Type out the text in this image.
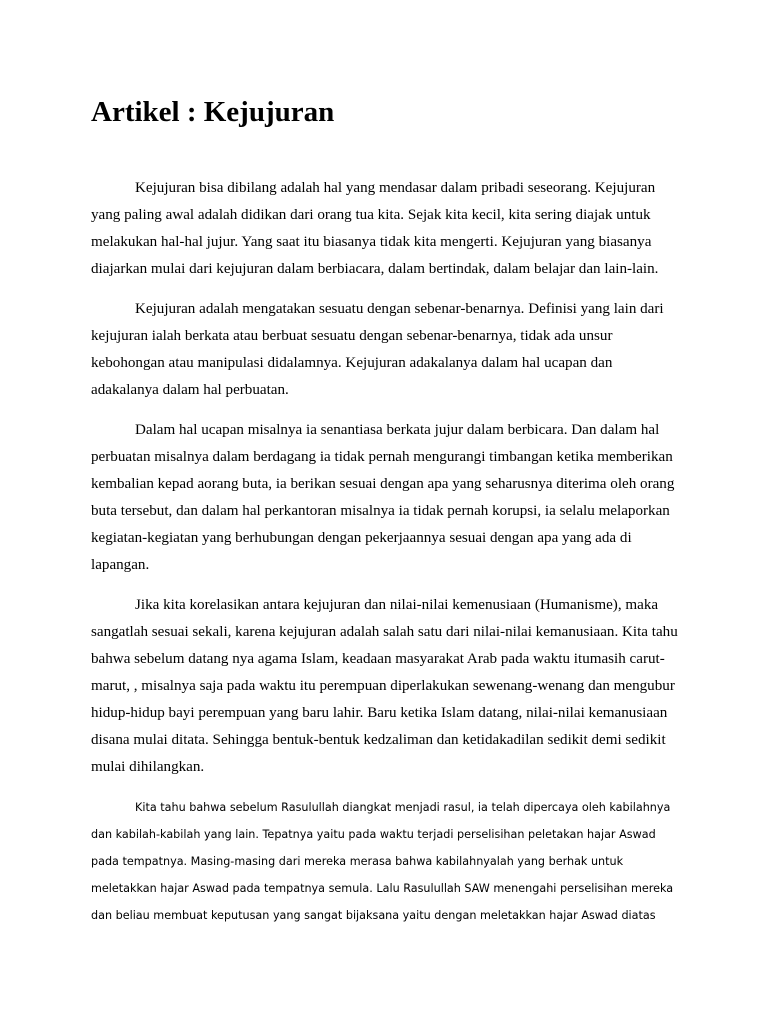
Artikel : Kejujuran

Kejujuran bisa dibilang adalah hal yang mendasar dalam pribadi seseorang. Kejujuran yang paling awal adalah didikan dari orang tua kita. Sejak kita kecil, kita sering diajak untuk melakukan hal-hal jujur. Yang saat itu biasanya tidak kita mengerti. Kejujuran yang biasanya diajarkan mulai dari kejujuran dalam berbiacara, dalam bertindak, dalam belajar dan lain-lain.

Kejujuran adalah mengatakan sesuatu dengan sebenar-benarnya. Definisi yang lain dari kejujuran ialah berkata atau berbuat sesuatu dengan sebenar-benarnya, tidak ada unsur kebohongan atau manipulasi didalamnya. Kejujuran adakalanya dalam hal ucapan dan adakalanya dalam hal perbuatan.

Dalam hal ucapan misalnya ia senantiasa berkata jujur dalam berbicara. Dan dalam hal perbuatan misalnya dalam berdagang ia tidak pernah mengurangi timbangan ketika memberikan kembalian kepad aorang buta, ia berikan sesuai dengan apa yang seharusnya diterima oleh orang buta tersebut, dan dalam hal perkantoran misalnya ia tidak pernah korupsi, ia selalu melaporkan kegiatan-kegiatan yang berhubungan dengan pekerjaannya sesuai dengan apa yang ada di lapangan.

Jika kita korelasikan antara kejujuran dan nilai-nilai kemenusiaan (Humanisme), maka sangatlah sesuai sekali, karena kejujuran adalah salah satu dari nilai-nilai kemanusiaan. Kita tahu bahwa sebelum datang nya agama Islam, keadaan masyarakat Arab pada waktu itumasih carut-marut, , misalnya saja pada waktu itu perempuan diperlakukan sewenang-wenang dan mengubur hidup-hidup bayi perempuan yang baru lahir. Baru ketika Islam datang, nilai-nilai kemanusiaan disana mulai ditata. Sehingga bentuk-bentuk kedzaliman dan ketidakadilan sedikit demi sedikit mulai dihilangkan.

Kita tahu bahwa sebelum Rasulullah diangkat menjadi rasul, ia telah dipercaya oleh kabilahnya dan kabilah-kabilah yang lain. Tepatnya yaitu pada waktu terjadi perselisihan peletakan hajar Aswad pada tempatnya. Masing-masing dari mereka merasa bahwa kabilahnyalah yang berhak untuk meletakkan hajar Aswad pada tempatnya semula. Lalu Rasulullah SAW menengahi perselisihan mereka dan beliau membuat keputusan yang sangat bijaksana yaitu dengan meletakkan hajar Aswad diatas
